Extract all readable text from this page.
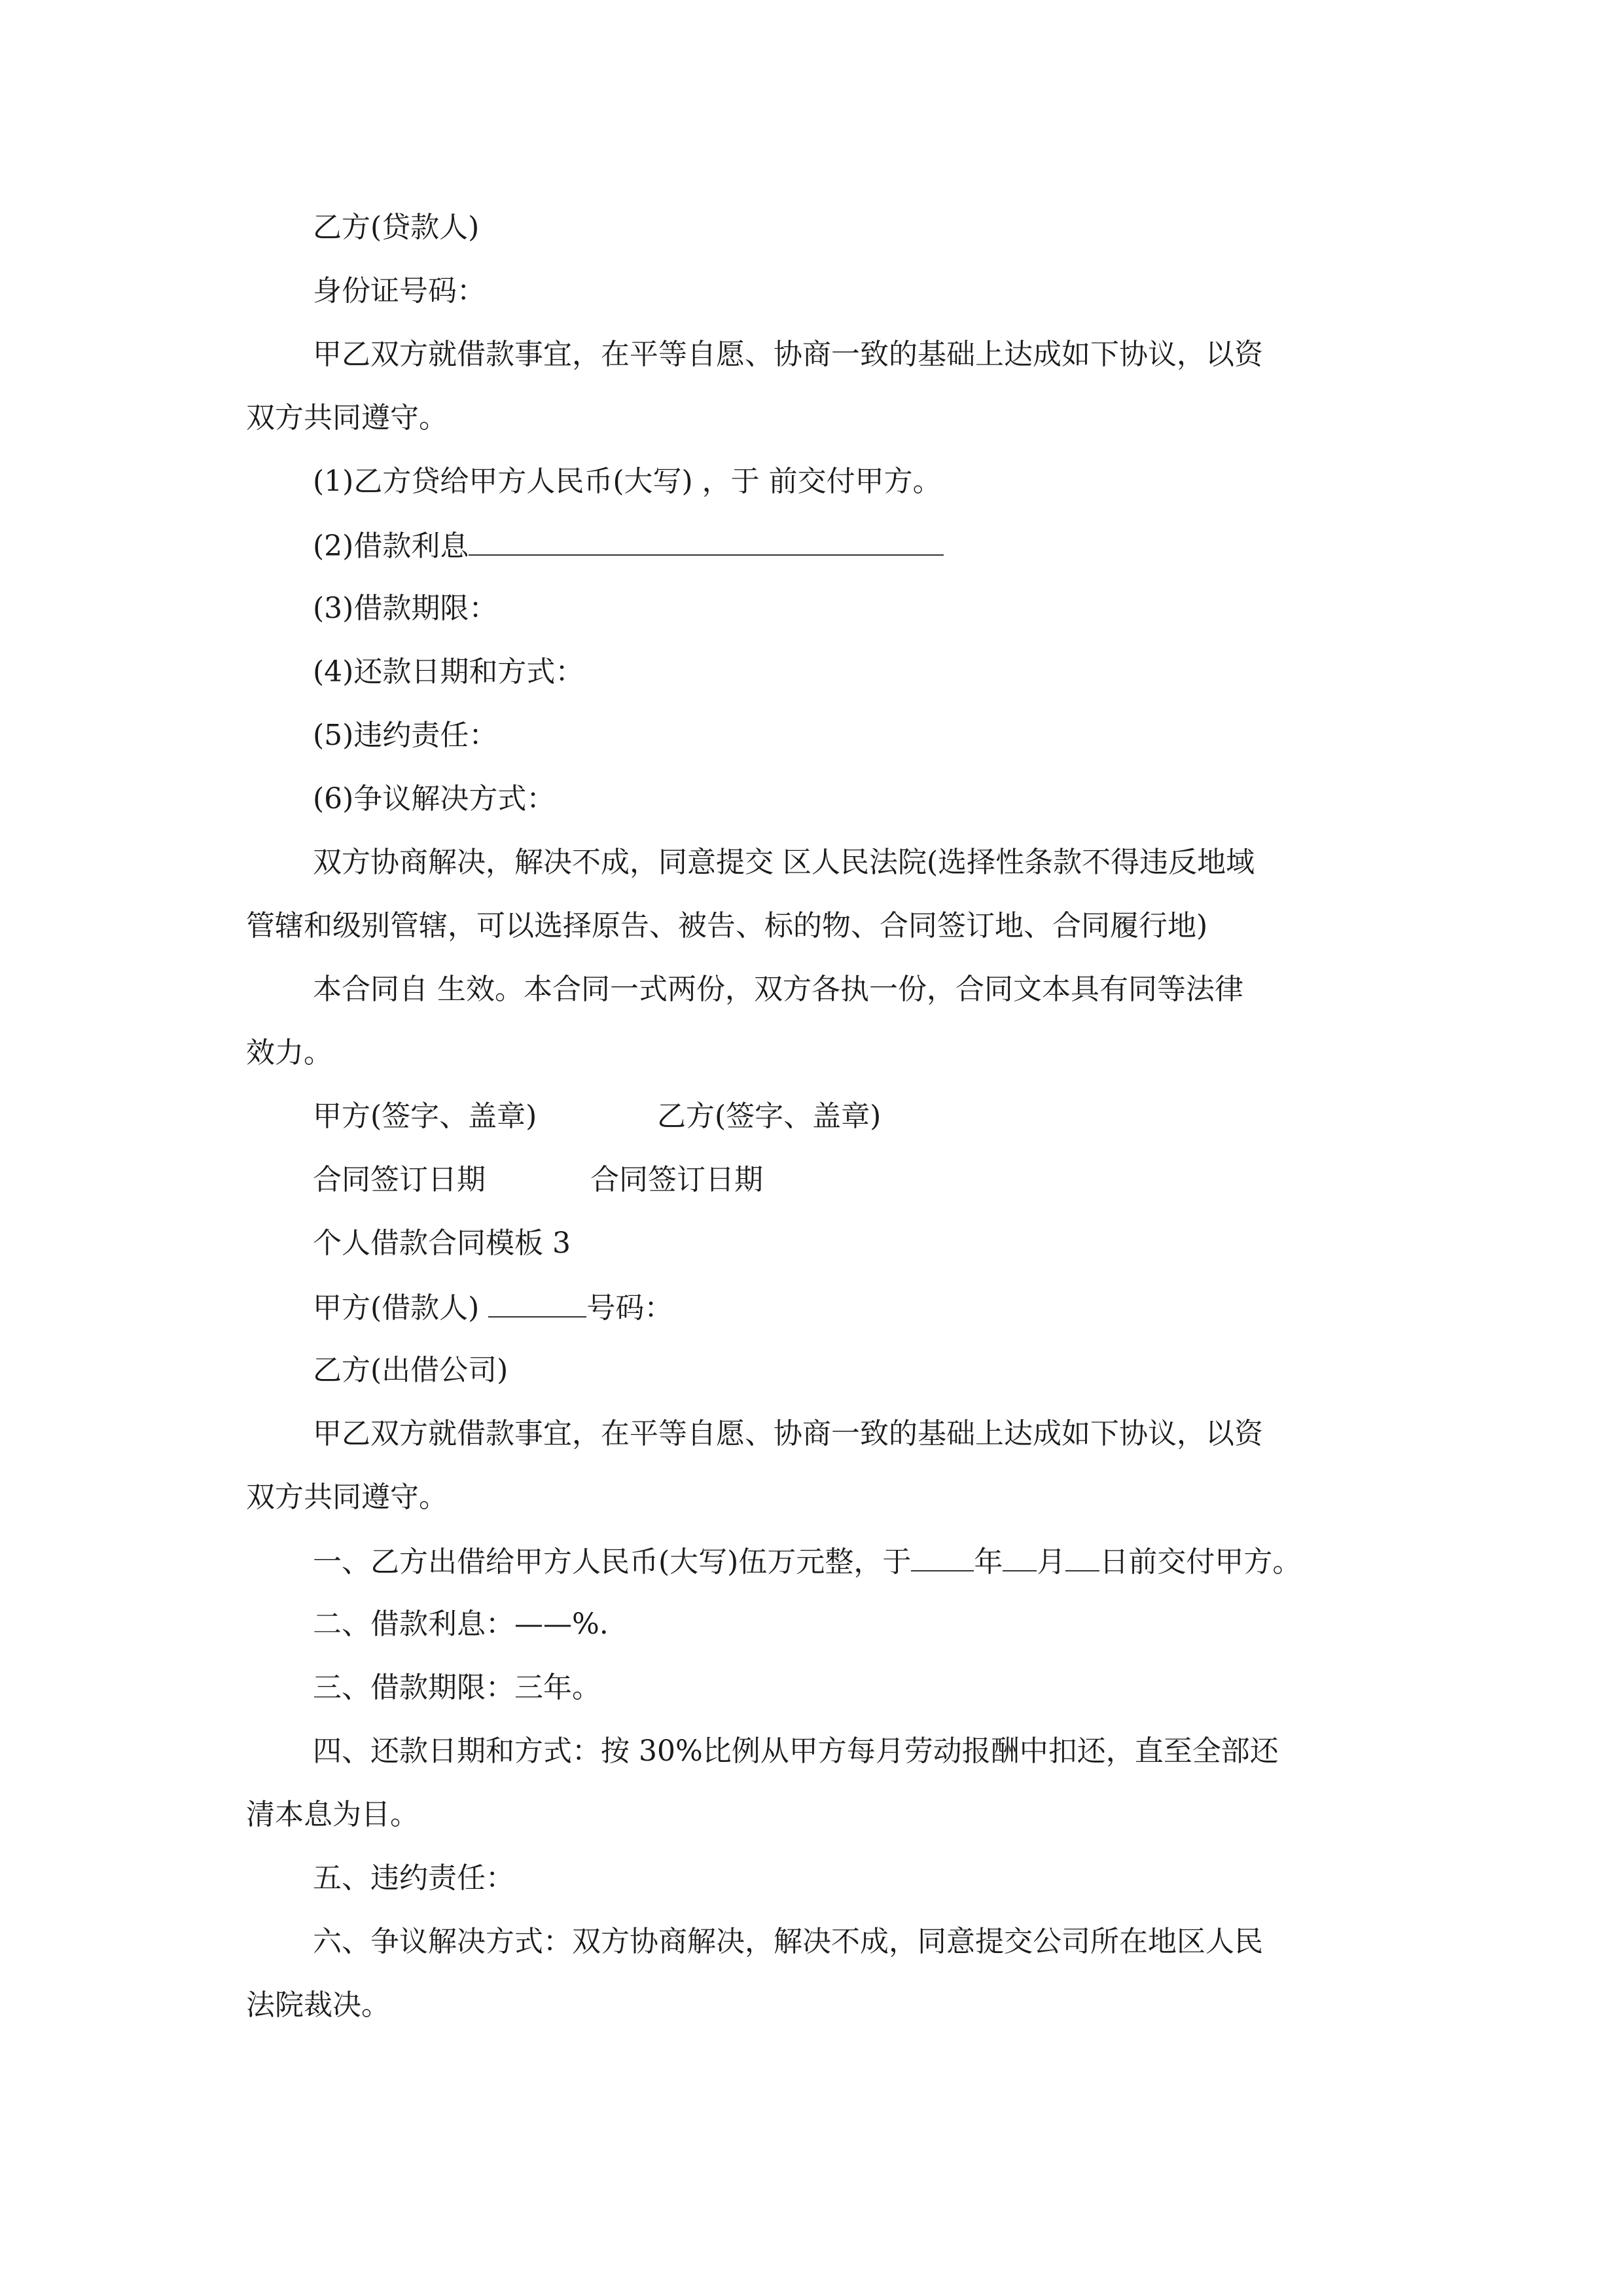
乙方(贷款人)
身份证号码：
甲乙双方就借款事宜，在平等自愿、协商一致的基础上达成如下协议，以资
双方共同遵守。
(1)乙方贷给甲方人民币(大写) ，于 前交付甲方。
(2)借款利息
(3)借款期限：
(4)还款日期和方式：
(5)违约责任：
(6)争议解决方式：
双方协商解决，解决不成，同意提交 区人民法院(选择性条款不得违反地域
管辖和级别管辖，可以选择原告、被告、标的物、合同签订地、合同履行地)
本合同自 生效。本合同一式两份，双方各执一份，合同文本具有同等法律
效力。
甲方(签字、盖章)	乙方(签字、盖章)
合同签订日期	合同签订日期
个人借款合同模板 3
甲方(借款人)	号码：
乙方(出借公司)
甲乙双方就借款事宜，在平等自愿、协商一致的基础上达成如下协议，以资
双方共同遵守。
一、乙方出借给甲方人民币(大写)伍万元整，于 年 月 日前交付甲方。
二、借款利息：——%.
三、借款期限：三年。
四、还款日期和方式：按 30%比例从甲方每月劳动报酬中扣还，直至全部还
清本息为目。
五、违约责任：
六、争议解决方式：双方协商解决，解决不成，同意提交公司所在地区人民
法院裁决。
